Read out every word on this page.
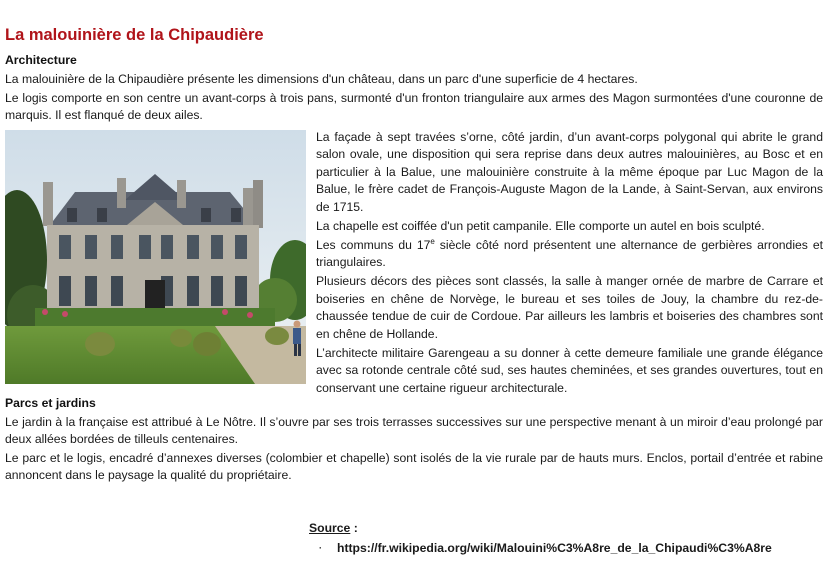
La malouinière de la Chipaudière
Architecture

La malouinière de la Chipaudière présente les dimensions d'un château, dans un parc d'une superficie de 4 hectares.

Le logis comporte en son centre un avant-corps à trois pans, surmonté d'un fronton triangulaire aux armes des Magon surmontées d'une couronne de marquis. Il est flanqué de deux ailes.

La façade à sept travées s’orne, côté jardin, d’un avant-corps polygonal qui abrite le grand salon ovale, une disposition qui sera reprise dans deux autres malouinières, au Bosc et en particulier à la Balue, une malouinière construite à la même époque par Luc Magon de la Balue, le frère cadet de François-Auguste Magon de la Lande, à Saint-Servan, aux environs de 1715.

La chapelle est coiffée d'un petit campanile. Elle comporte un autel en bois sculpté.

Les communs du 17e siècle côté nord présentent une alternance de gerbières arrondies et triangulaires.

Plusieurs décors des pièces sont classés, la salle à manger ornée de marbre de Carrare et boiseries en chêne de Norvège, le bureau et ses toiles de Jouy, la chambre du rez-de-chaussée tendue de cuir de Cordoue. Par ailleurs les lambris et boiseries des chambres sont en chêne de Hollande.

L’architecte militaire Garengeau a su donner à cette demeure familiale une grande élégance avec sa rotonde centrale côté sud, ses hautes cheminées, et ses grandes ouvertures, tout en conservant une certaine rigueur architecturale.

Parcs et jardins

Le jardin à la française est attribué à Le Nôtre. Il s’ouvre par ses trois terrasses successives sur une perspective menant à un miroir d’eau prolongé par deux allées bordées de tilleuls centenaires.

Le parc et le logis, encadré d’annexes diverses (colombier et chapelle) sont isolés de la vie rurale par de hauts murs. Enclos, portail d’entrée et rabine annoncent dans le paysage la qualité du propriétaire.

Source :
·	https://fr.wikipedia.org/wiki/Malouini%C3%A8re_de_la_Chipaudi%C3%A8re
